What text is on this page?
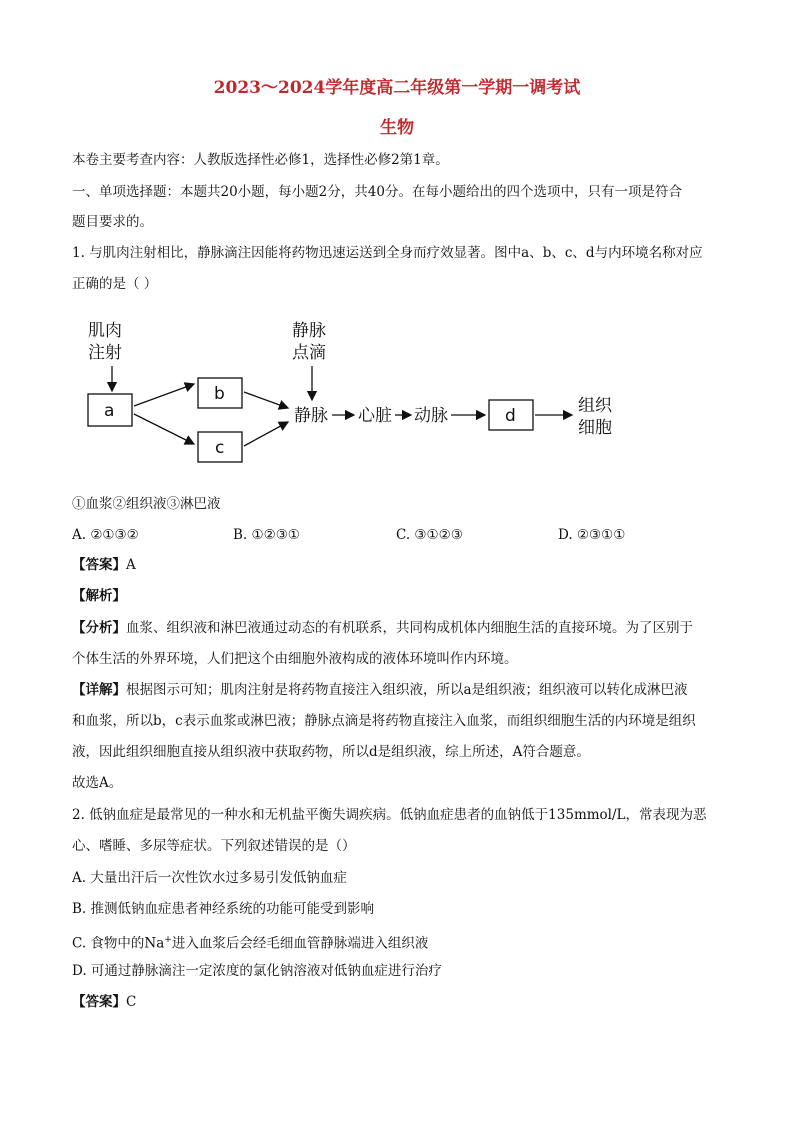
2023～2024学年度高二年级第一学期一调考试
生物
本卷主要考查内容：人教版选择性必修1，选择性必修2第1章。
一、单项选择题：本题共20小题，每小题2分，共40分。在每小题给出的四个选项中，只有一项是符合
题目要求的。
1. 与肌肉注射相比，静脉滴注因能将药物迅速运送到全身而疗效显著。图中a、b、c、d与内环境名称对应
正确的是（ ）
肌肉
注射
a
b
c
静脉
点滴
静脉 心脏 动脉	d	组织
细胞
①血浆②组织液③淋巴液
A. ②①③②	B. ①②③①	C. ③①②③	D. ②③①①
【答案】A
【解析】
【分析】血浆、组织液和淋巴液通过动态的有机联系，共同构成机体内细胞生活的直接环境。为了区别于
个体生活的外界环境，人们把这个由细胞外液构成的液体环境叫作内环境。
【详解】根据图示可知；肌肉注射是将药物直接注入组织液，所以a是组织液；组织液可以转化成淋巴液
和血浆，所以b，c表示血浆或淋巴液；静脉点滴是将药物直接注入血浆，而组织细胞生活的内环境是组织
液，因此组织细胞直接从组织液中获取药物，所以d是组织液，综上所述，A符合题意。
故选A。
2. 低钠血症是最常见的一种水和无机盐平衡失调疾病。低钠血症患者的血钠低于135mmol/L，常表现为恶
心、嗜睡、多尿等症状。下列叙述错误的是（）
A. 大量出汗后一次性饮水过多易引发低钠血症
B. 推测低钠血症患者神经系统的功能可能受到影响
C. 食物中的Na+进入血浆后会经毛细血管静脉端进入组织液
D. 可通过静脉滴注一定浓度的氯化钠溶液对低钠血症进行治疗
【答案】C
